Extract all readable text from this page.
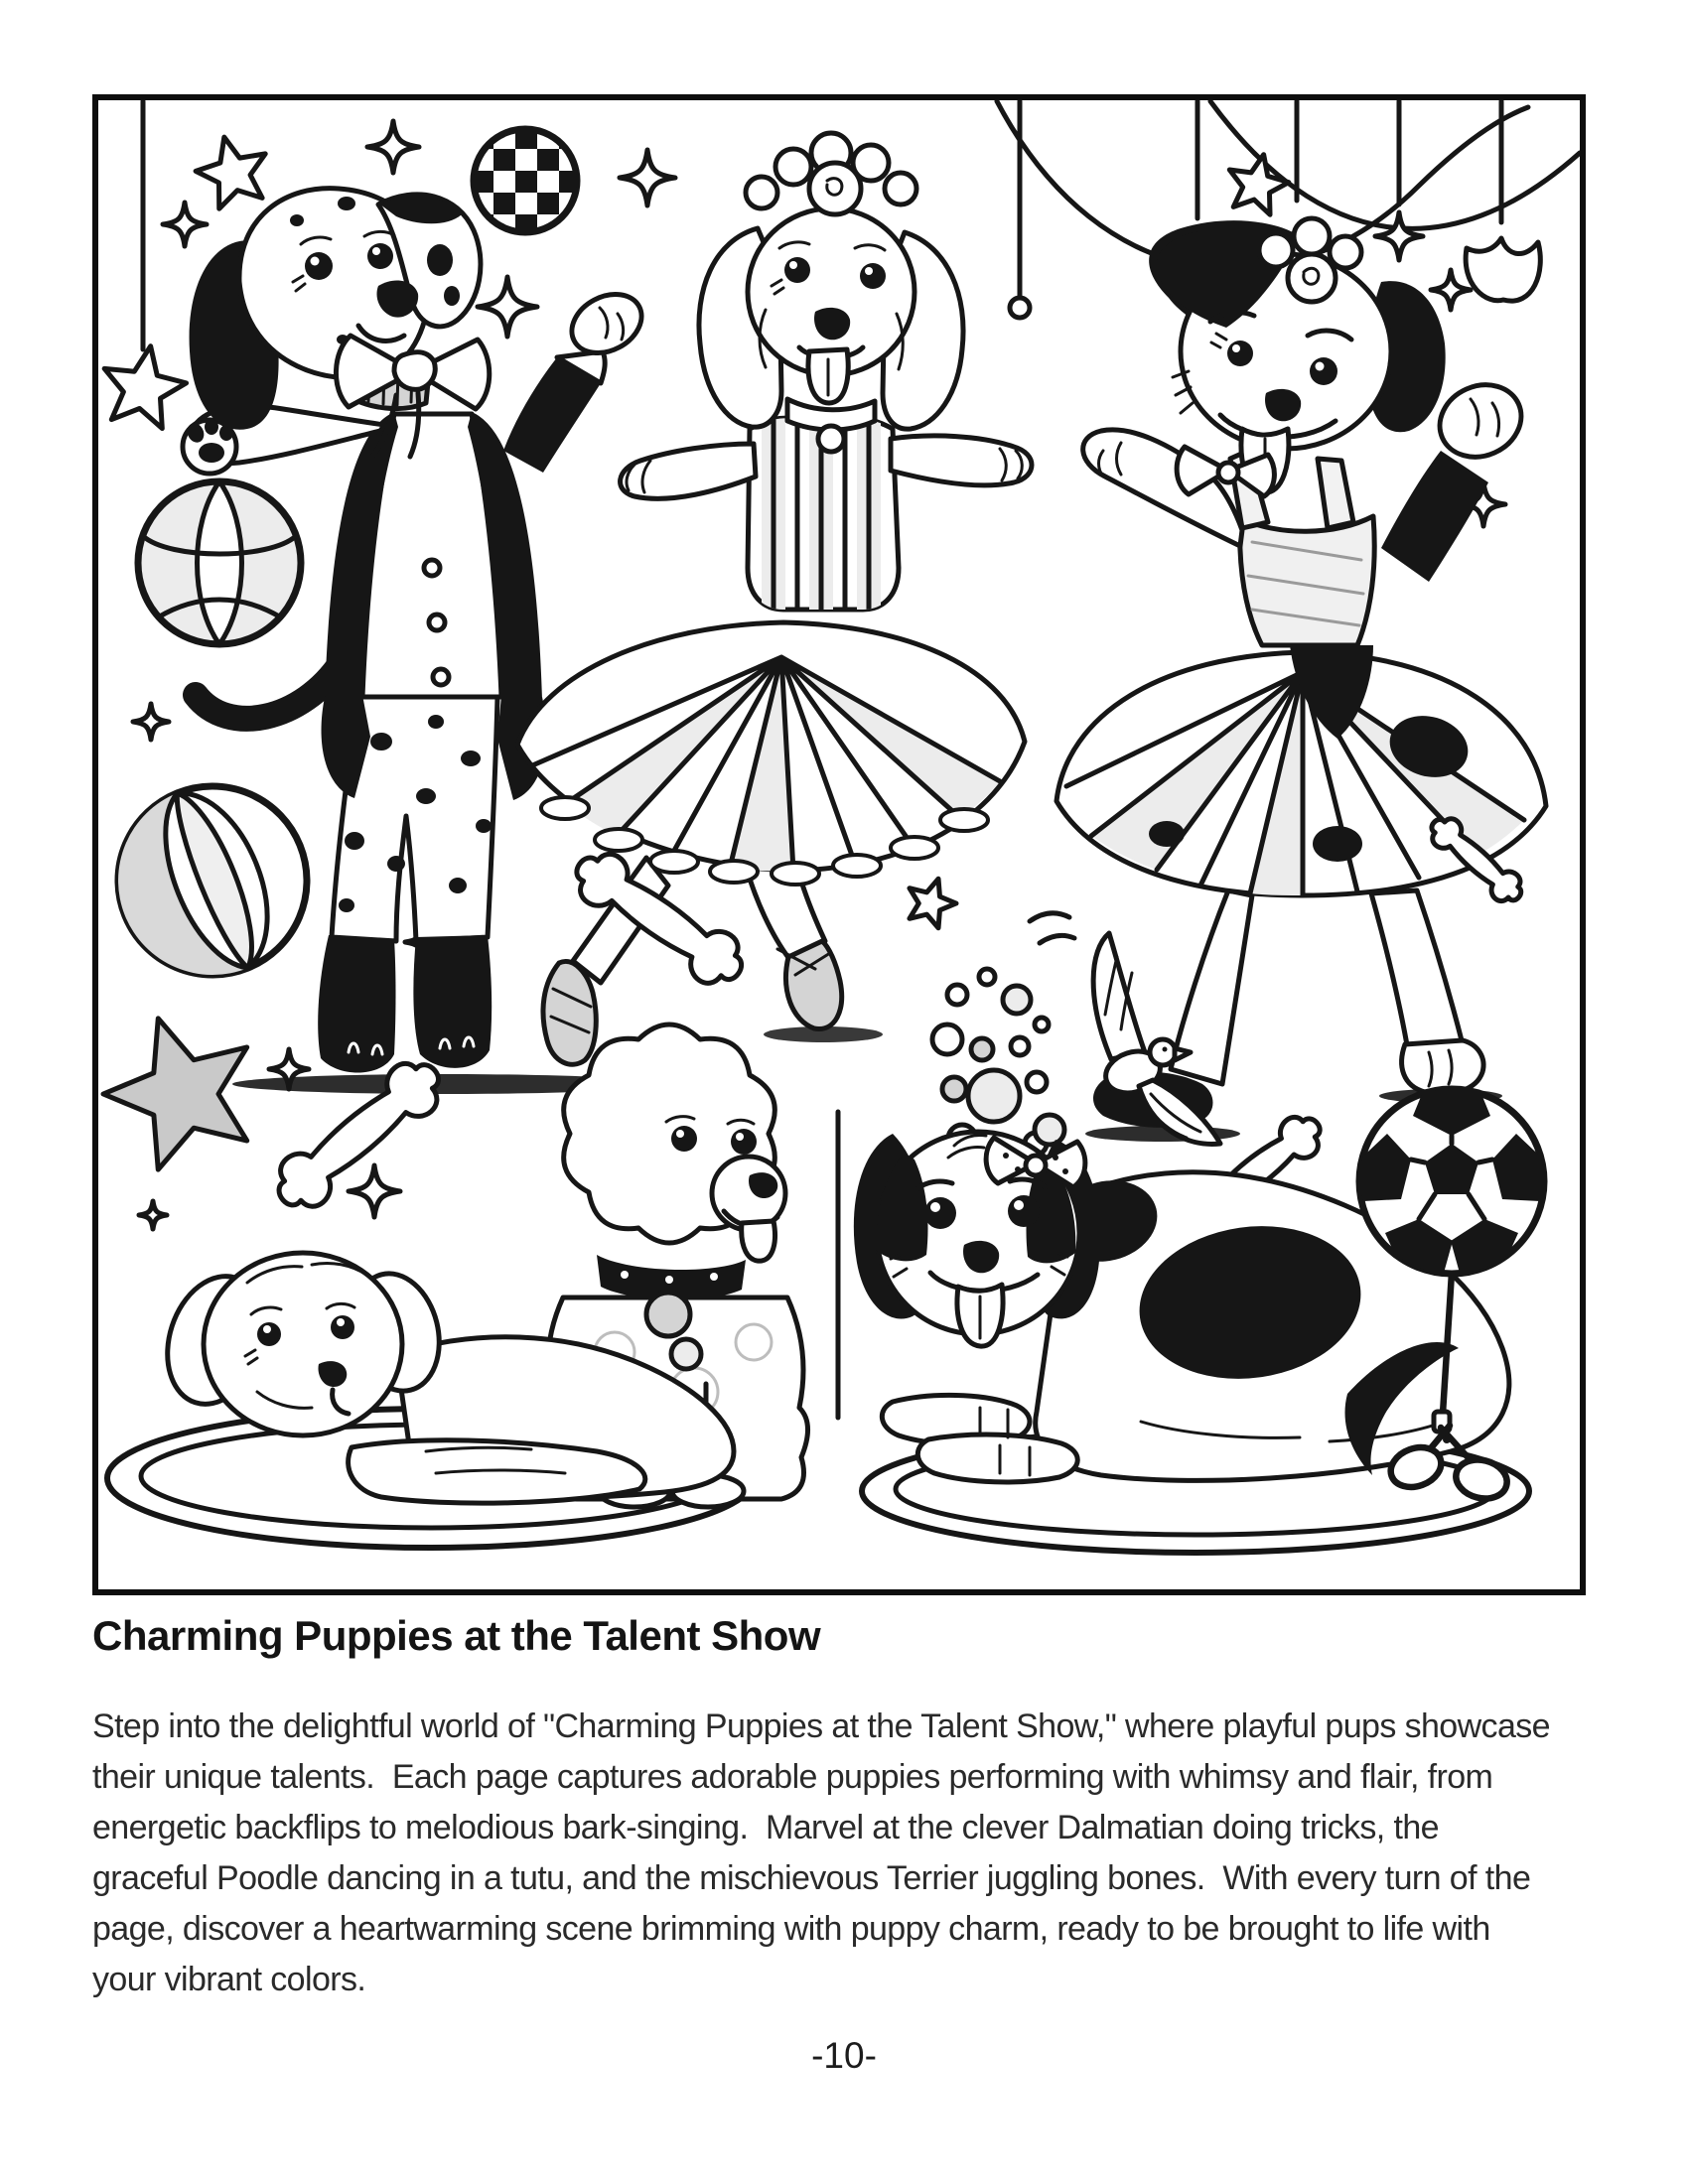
Charming Puppies at the Talent Show
Step into the delightful world of "Charming Puppies at the Talent Show," where playful pups showcase
their unique talents.  Each page captures adorable puppies performing with whimsy and flair, from
energetic backflips to melodious bark-singing.  Marvel at the clever Dalmatian doing tricks, the
graceful Poodle dancing in a tutu, and the mischievous Terrier juggling bones.  With every turn of the
page, discover a heartwarming scene brimming with puppy charm, ready to be brought to life with
your vibrant colors.
-10-
